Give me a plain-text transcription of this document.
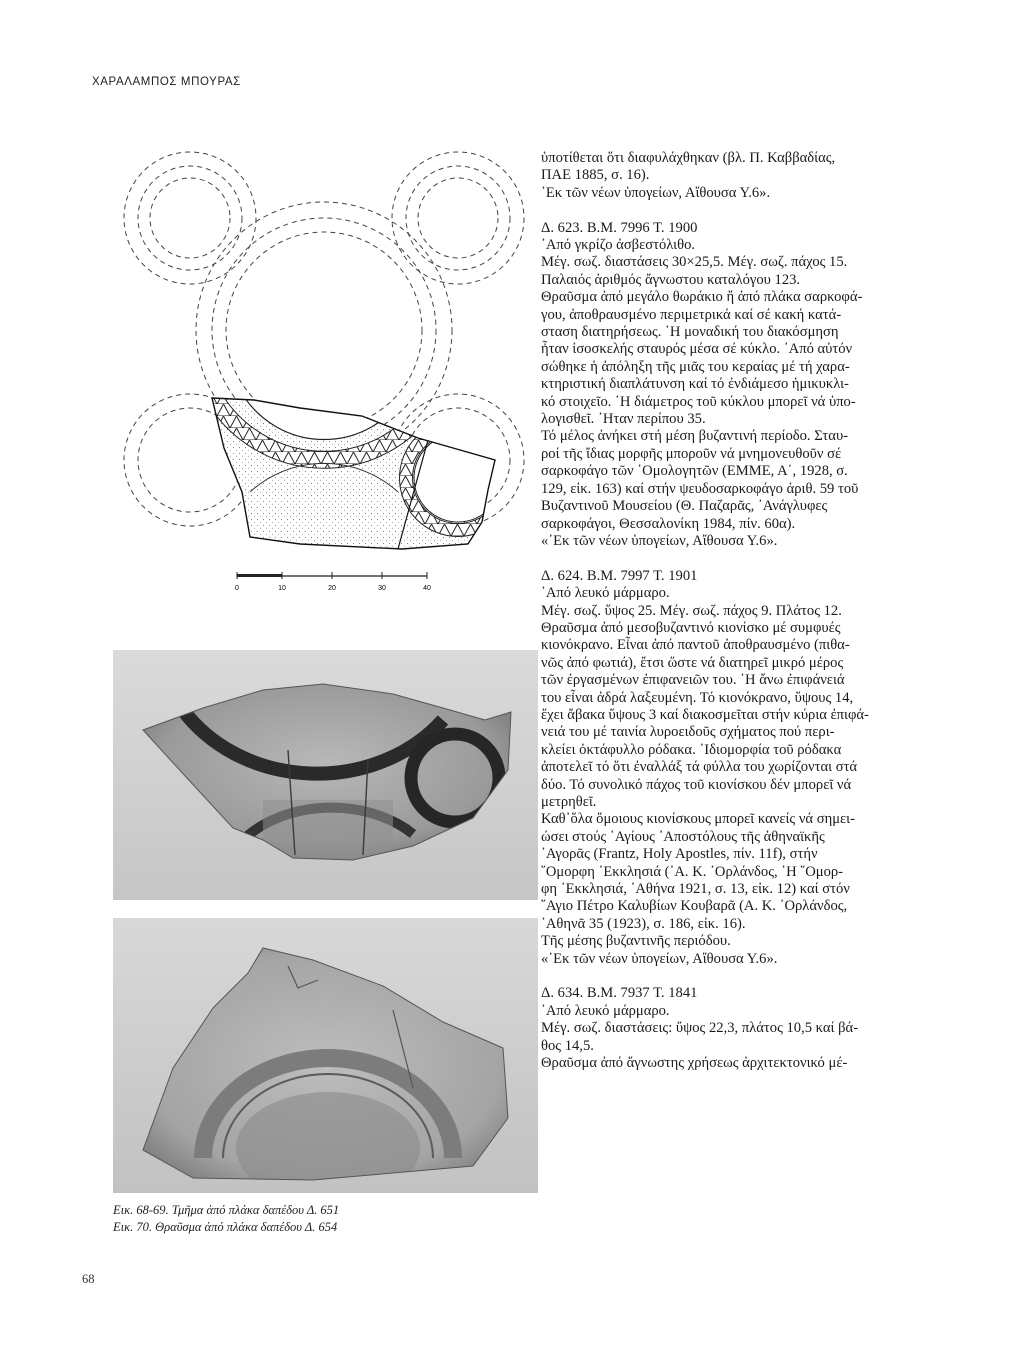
ΧΑΡΑΛΑΜΠΟΣ ΜΠΟΥΡΑΣ
0	10	20	30	40
Εικ. 68-69. Τμῆμα ἀπό πλάκα δαπέδου Δ. 651
Εικ. 70. Θραῦσμα ἀπό πλάκα δαπέδου Δ. 654

ὑποτίθεται ὅτι διαφυλάχθηκαν (βλ. Π. Καββαδίας,

ΠΑΕ 1885, σ. 16).

᾽Εκ τῶν νέων ὑπογείων, Αἴθουσα Υ.6».

Δ. 623. Β.Μ. 7996 Τ. 1900

᾽Από γκρίζο ἀσβεστόλιθο.

Μέγ. σωζ. διαστάσεις 30×25,5. Μέγ. σωζ. πάχος 15.

Παλαιός ἀριθμός ἄγνωστου καταλόγου 123.

Θραῦσμα ἀπό μεγάλο θωράκιο ἤ ἀπό πλάκα σαρκοφά-

γου, ἀποθραυσμένο περιμετρικά καί σέ κακή κατά-

σταση διατηρήσεως. ῾Η μοναδική του διακόσμηση

ἦταν ἰσοσκελής σταυρός μέσα σέ κύκλο. ᾽Από αὐτόν

σώθηκε ἡ ἀπόληξη τῆς μιᾶς του κεραίας μέ τή χαρα-

κτηριστική διαπλάτυνση καί τό ἐνδιάμεσο ἡμικυκλι-

κό στοιχεῖο. ῾Η διάμετρος τοῦ κύκλου μπορεῖ νά ὑπο-

λογισθεῖ. ᾽Ηταν περίπου 35.

Τό μέλος ἀνήκει στή μέση βυζαντινή περίοδο. Σταυ-

ροί τῆς ἴδιας μορφῆς μποροῦν νά μνημονευθοῦν σέ

σαρκοφάγο τῶν ῾Ομολογητῶν (ΕΜΜΕ, Α΄, 1928, σ.

129, εἰκ. 163) καί στήν ψευδοσαρκοφάγο ἀριθ. 59 τοῦ

Βυζαντινοῦ Μουσείου (Θ. Παζαρᾶς, ᾽Ανάγλυφες

σαρκοφάγοι, Θεσσαλονίκη 1984, πίν. 60α).

«᾽Εκ τῶν νέων ὑπογείων, Αἴθουσα Υ.6».

Δ. 624. Β.Μ. 7997 Τ. 1901

᾽Από λευκό μάρμαρο.

Μέγ. σωζ. ὕψος 25. Μέγ. σωζ. πάχος 9. Πλάτος 12.

Θραῦσμα ἀπό μεσοβυζαντινό κιονίσκο μέ συμφυές

κιονόκρανο. Εἶναι ἀπό παντοῦ ἀποθραυσμένο (πιθα-

νῶς ἀπό φωτιά), ἔτσι ὥστε νά διατηρεῖ μικρό μέρος

τῶν ἐργασμένων ἐπιφανειῶν του. ῾Η ἄνω ἐπιφάνειά

του εἶναι ἀδρά λαξευμένη. Τό κιονόκρανο, ὕψους 14,

ἔχει ἄβακα ὕψους 3 καί διακοσμεῖται στήν κύρια ἐπιφά-

νειά του μέ ταινία λυροειδοῦς σχήματος πού περι-

κλείει ὀκτάφυλλο ρόδακα. ᾽Ιδιομορφία τοῦ ρόδακα

ἀποτελεῖ τό ὅτι ἐναλλάξ τά φύλλα του χωρίζονται στά

δύο. Τό συνολικό πάχος τοῦ κιονίσκου δέν μπορεῖ νά

μετρηθεῖ.

Καθ᾽ὅλα ὅμοιους κιονίσκους μπορεῖ κανείς νά σημει-

ώσει στούς ῾Αγίους ᾽Αποστόλους τῆς ἀθηναϊκῆς

᾽Αγορᾶς (Frantz, Holy Apostles, πίν. 11f), στήν

῞Ομορφη ᾽Εκκλησιά (᾽Α. Κ. ᾽Ορλάνδος, ῾Η ῞Ομορ-

φη ᾽Εκκλησιά, ᾽Αθήνα 1921, σ. 13, εἰκ. 12) καί στόν

῞Αγιο Πέτρο Καλυβίων Κουβαρᾶ (Α. Κ. ᾽Ορλάνδος,

᾽Αθηνᾶ 35 (1923), σ. 186, εἰκ. 16).

Τῆς μέσης βυζαντινῆς περιόδου.

«᾽Εκ τῶν νέων ὑπογείων, Αἴθουσα Υ.6».

Δ. 634. Β.Μ. 7937 Τ. 1841

᾽Από λευκό μάρμαρο.

Μέγ. σωζ. διαστάσεις: ὕψος 22,3, πλάτος 10,5 καί βά-

θος 14,5.

Θραῦσμα ἀπό ἄγνωστης χρήσεως ἀρχιτεκτονικό μέ-

68
